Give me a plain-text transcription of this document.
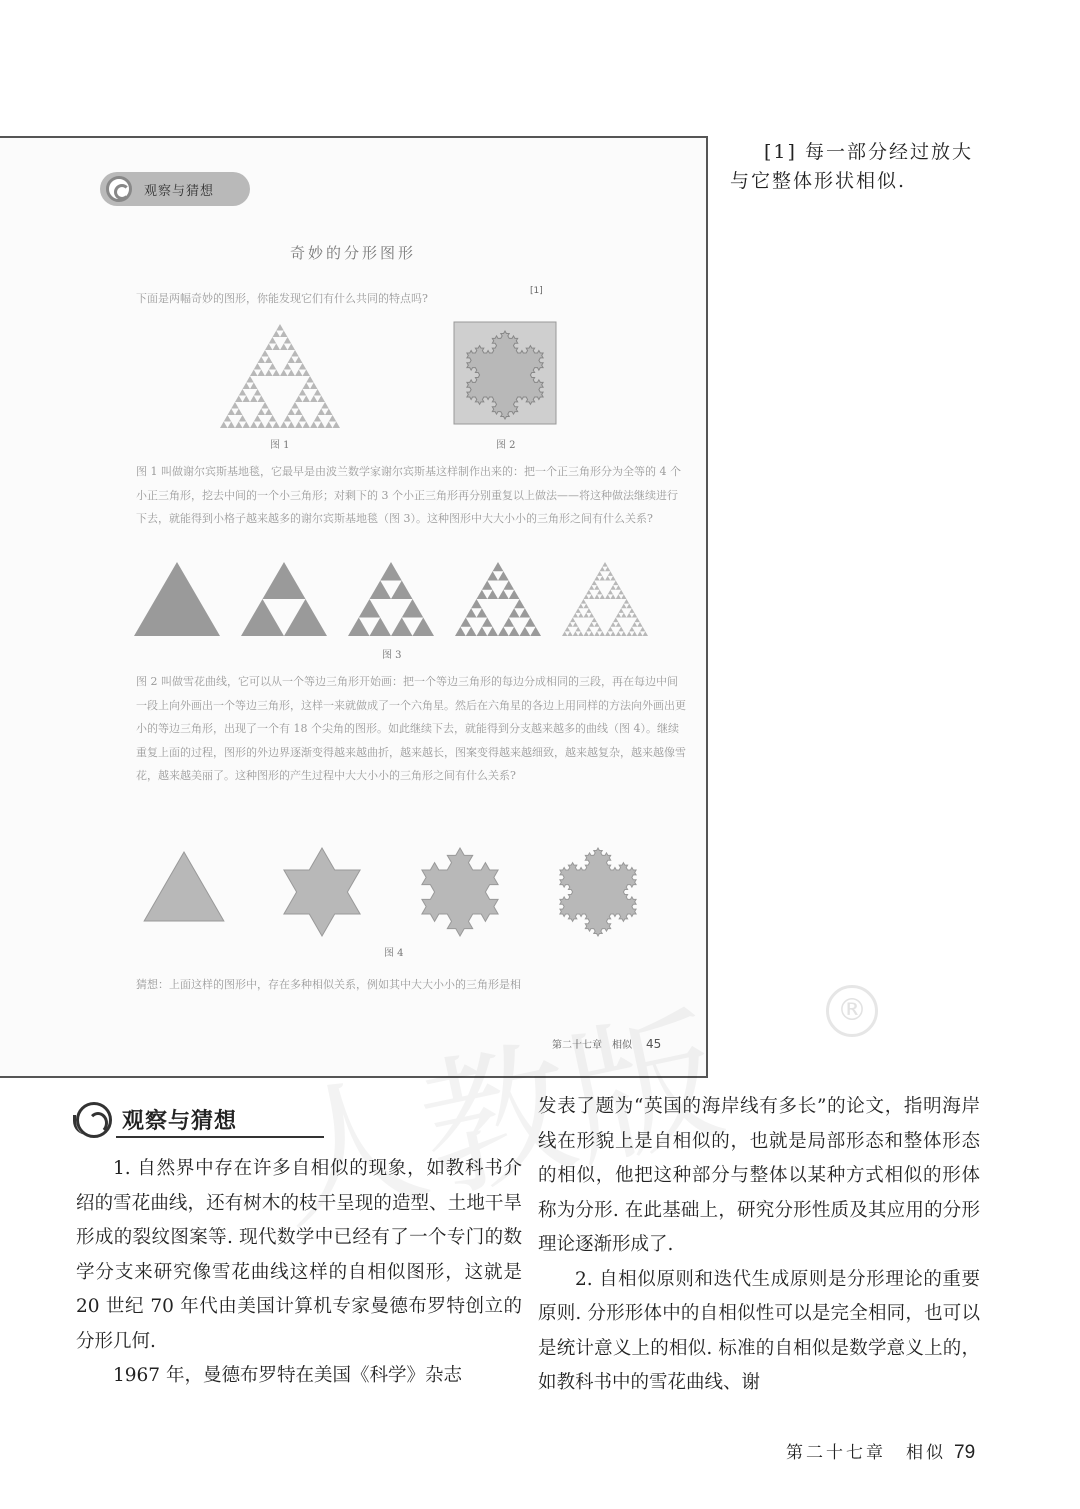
[1] 每一部分经过放大
与它整体形状相似.
观察与猜想
奇妙的分形图形
下面是两幅奇妙的图形，你能发现它们有什么共同的特点吗?
[1]
图 1	图 2
图 1 叫做谢尔宾斯基地毯，它最早是由波兰数学家谢尔宾斯基这样制作出来的：把一个正三角形分为全等的 4 个小正三角形，挖去中间的一个小三角形；对剩下的 3 个小正三角形再分别重复以上做法——将这种做法继续进行下去，就能得到小格子越来越多的谢尔宾斯基地毯（图 3）。这种图形中大大小小的三角形之间有什么关系?
图 3
图 2 叫做雪花曲线，它可以从一个等边三角形开始画：把一个等边三角形的每边分成相同的三段，再在每边中间一段上向外画出一个等边三角形，这样一来就做成了一个六角星。然后在六角星的各边上用同样的方法向外画出更小的等边三角形，出现了一个有 18 个尖角的图形。如此继续下去，就能得到分支越来越多的曲线（图 4）。继续重复上面的过程，图形的外边界逐渐变得越来越曲折，越来越长，图案变得越来越细致，越来越复杂，越来越像雪花，越来越美丽了。这种图形的产生过程中大大小小的三角形之间有什么关系?
图 4
猜想：上面这样的图形中，存在多种相似关系，例如其中大大小小的三角形是相
第二十七章　相似 45
®
观察与猜想

1. 自然界中存在许多自相似的现象，如教科书介绍的雪花曲线，还有树木的枝干呈现的造型、土地干旱形成的裂纹图案等. 现代数学中已经有了一个专门的数学分支来研究像雪花曲线这样的自相似图形，这就是 20 世纪 70 年代由美国计算机专家曼德布罗特创立的分形几何.

1967 年，曼德布罗特在美国《科学》杂志

发表了题为“英国的海岸线有多长”的论文，指明海岸线在形貌上是自相似的，也就是局部形态和整体形态的相似，他把这种部分与整体以某种方式相似的形体称为分形. 在此基础上，研究分形性质及其应用的分形理论逐渐形成了.

2. 自相似原则和迭代生成原则是分形理论的重要原则. 分形形体中的自相似性可以是完全相同，也可以是统计意义上的相似. 标准的自相似是数学意义上的，如教科书中的雪花曲线、谢

第二十七章　相似 79
